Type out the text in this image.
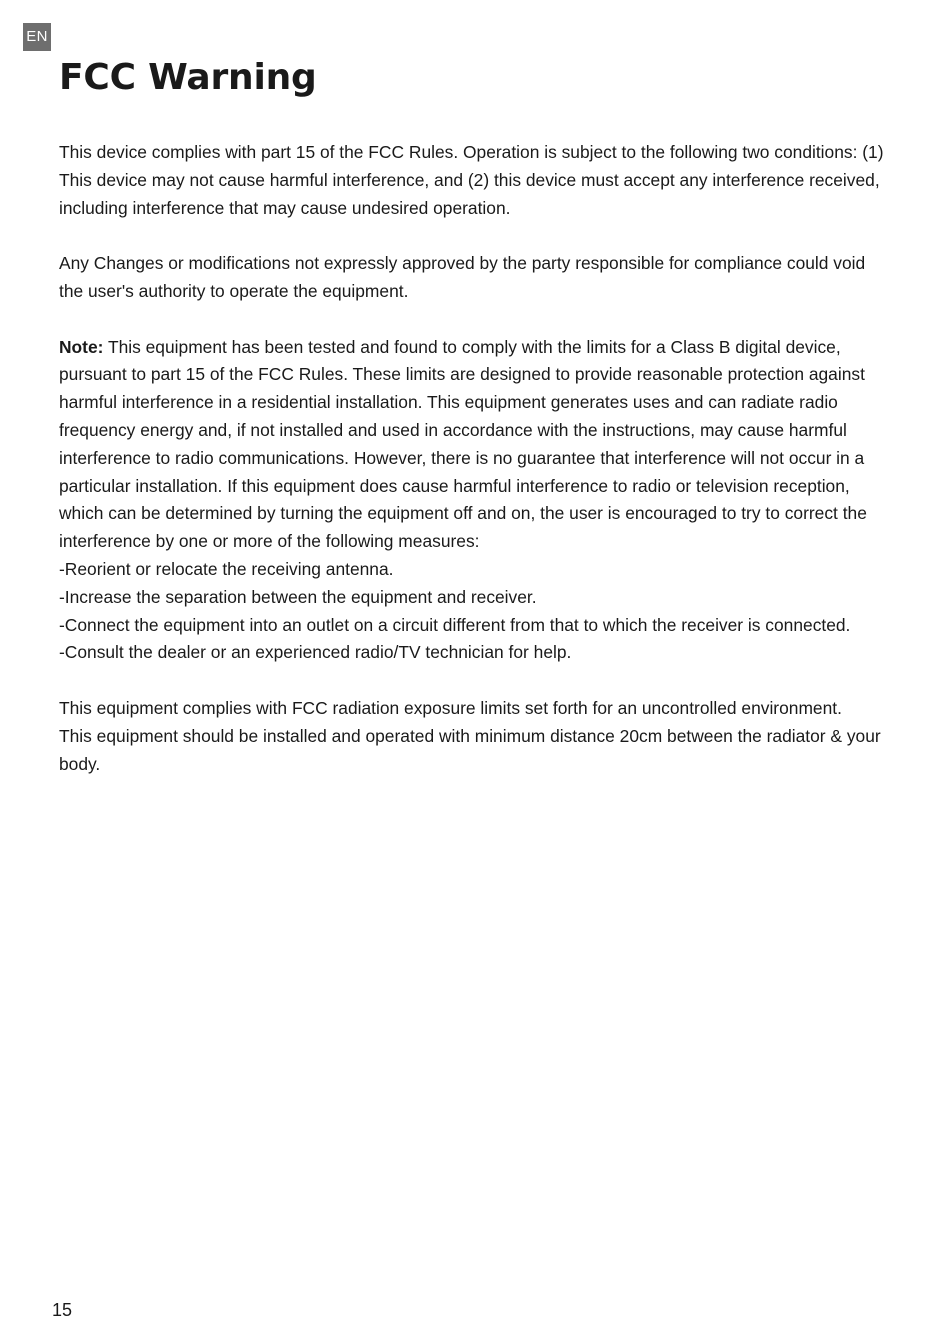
EN
FCC Warning

This device complies with part 15 of the FCC Rules. Operation is subject to the following two conditions: (1) This device may not cause harmful interference, and (2) this device must accept any interference received, including interference that may cause undesired operation.

Any Changes or modifications not expressly approved by the party responsible for compliance could void the user's authority to operate the equipment.

Note: This equipment has been tested and found to comply with the limits for a Class B digital device, pursuant to part 15 of the FCC Rules. These limits are designed to provide reasonable protection against harmful interference in a residential installation. This equipment generates uses and can radiate radio frequency energy and, if not installed and used in accordance with the instructions, may cause harmful interference to radio communications. However, there is no guarantee that interference will not occur in a particular installation. If this equipment does cause harmful interference to radio or television reception, which can be determined by turning the equipment off and on, the user is encouraged to try to correct the interference by one or more of the following measures:

-Reorient or relocate the receiving antenna.

-Increase the separation between the equipment and receiver.

-Connect the equipment into an outlet on a circuit different from that to which the receiver is connected.

-Consult the dealer or an experienced radio/TV technician for help.

This equipment complies with FCC radiation exposure limits set forth for an uncontrolled environment.

This equipment should be installed and operated with minimum distance 20cm between the radiator & your body.

15
